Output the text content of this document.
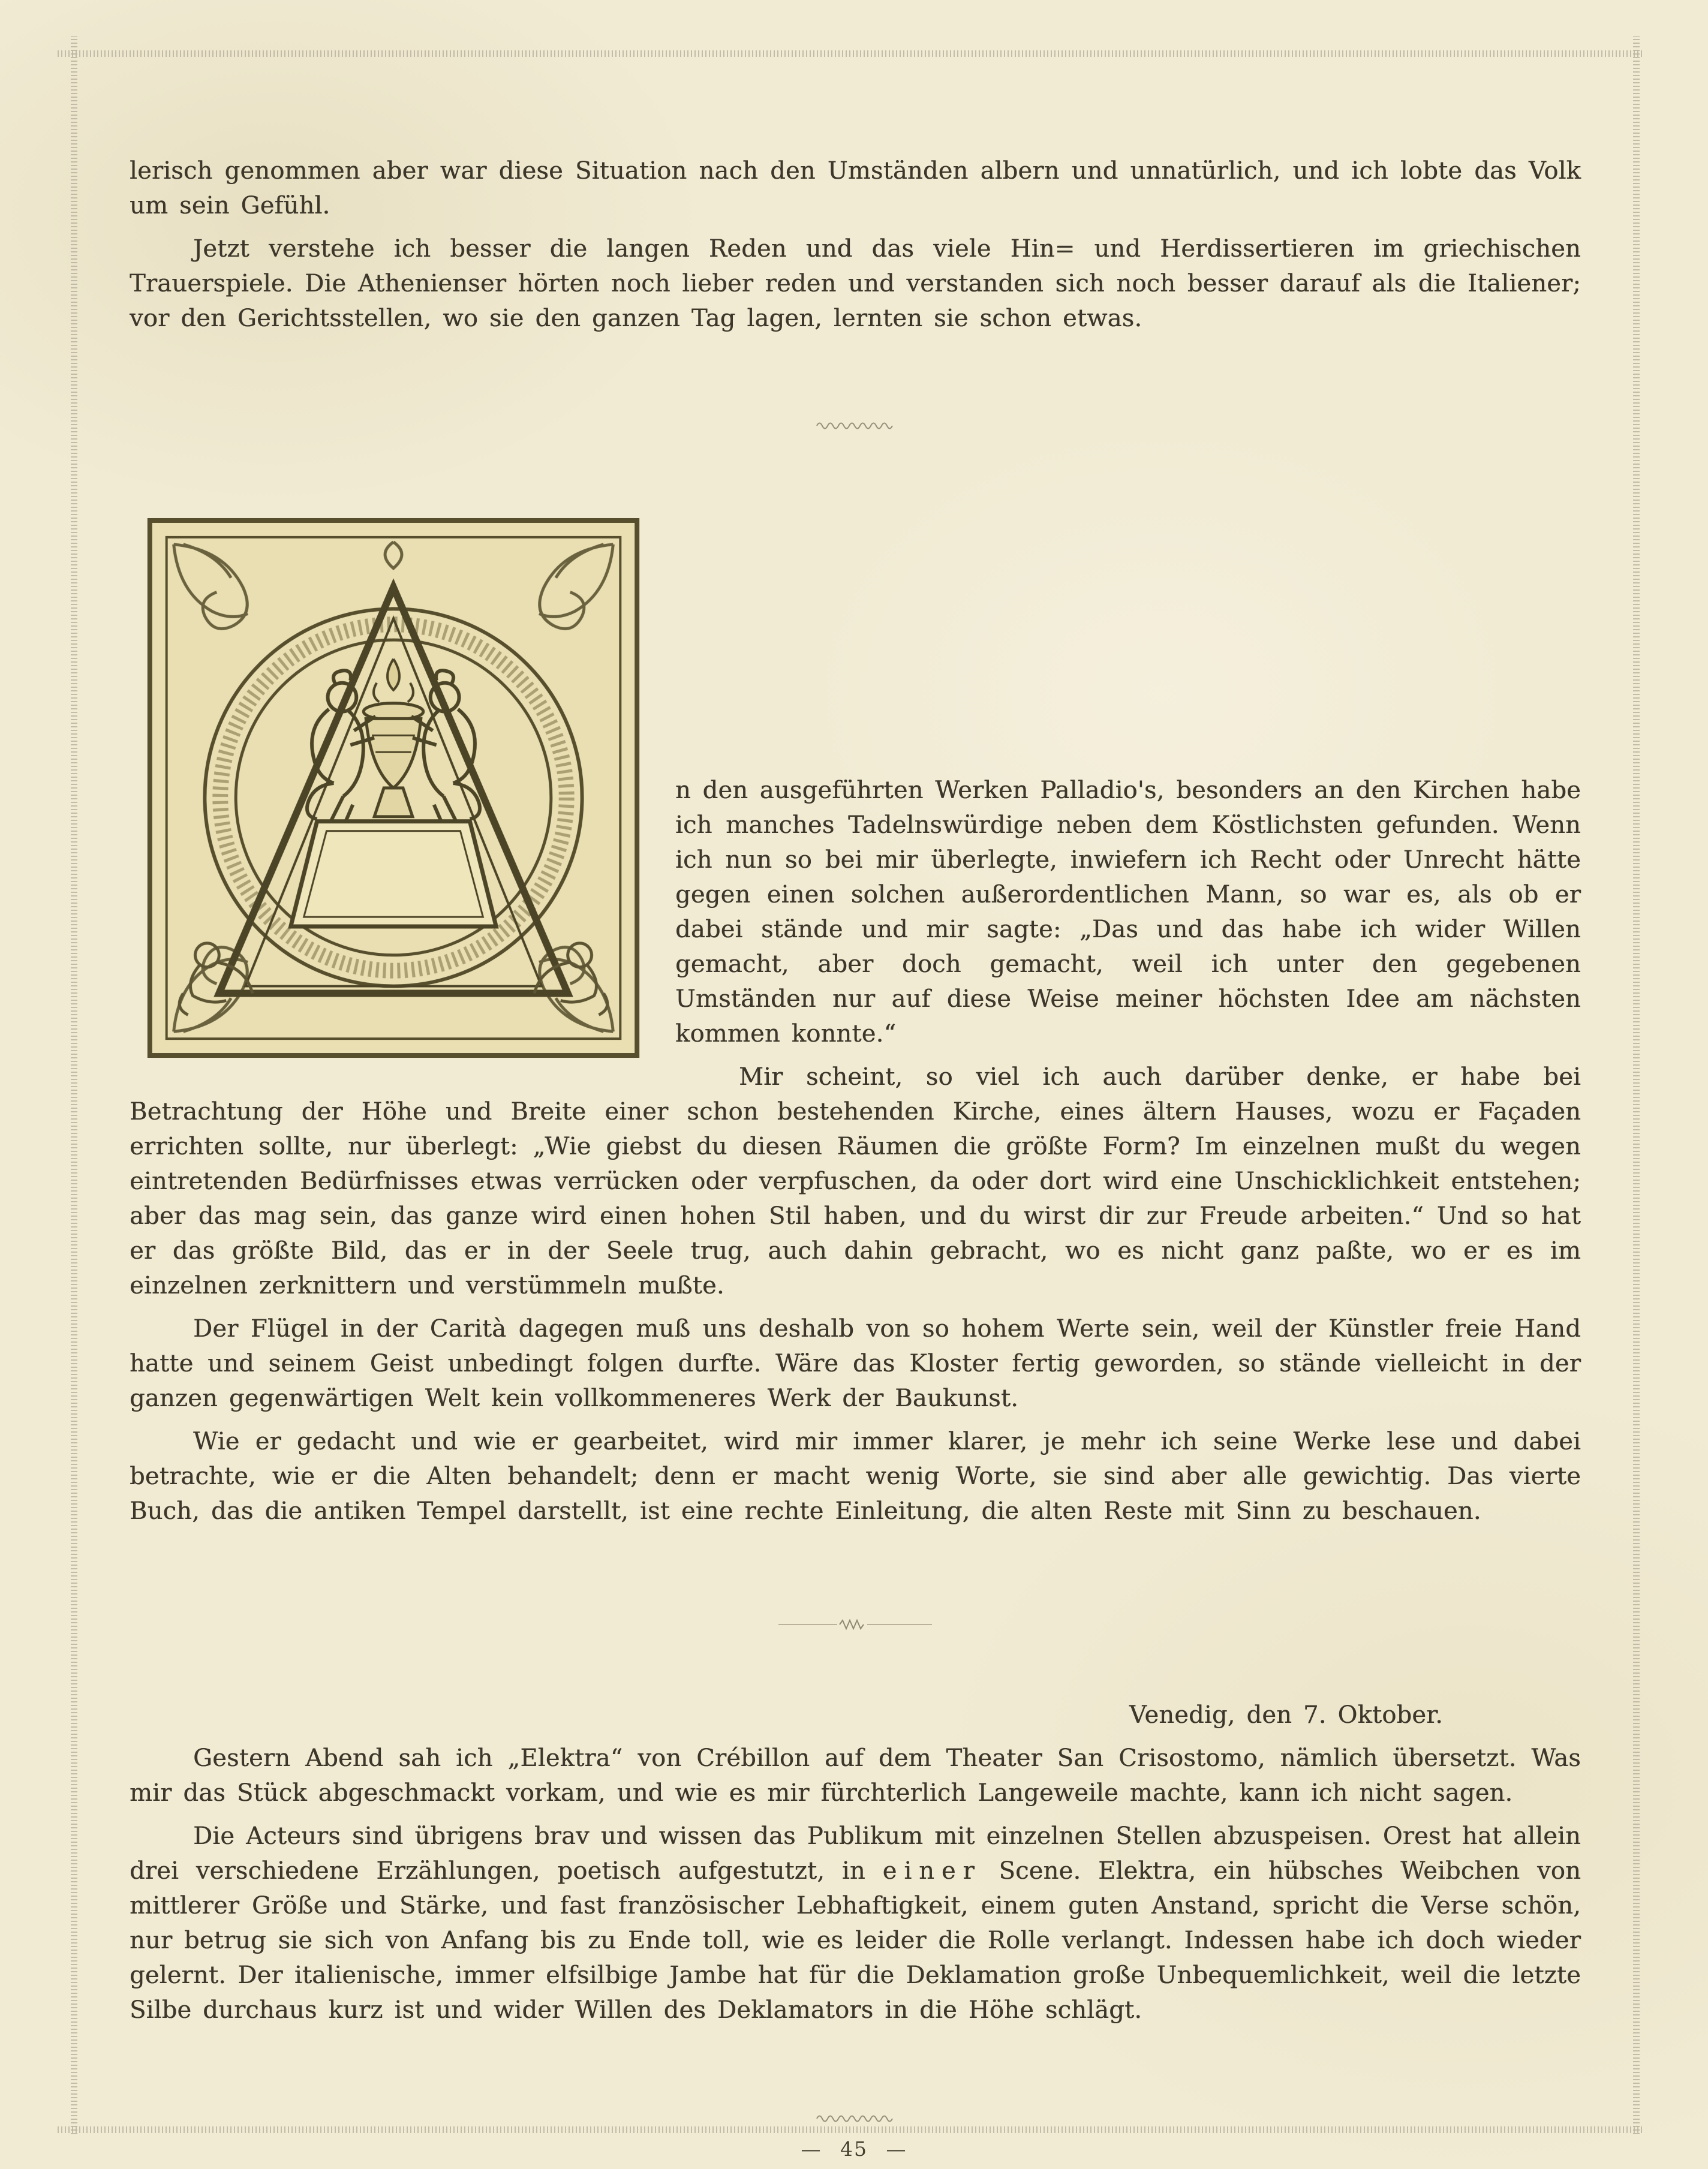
lerisch genommen aber war diese Situation nach den Umständen albern und unnatürlich, und ich lobte das Volk um sein Gefühl.

Jetzt verstehe ich besser die langen Reden und das viele Hin= und Herdissertieren im griechischen Trauerspiele. Die Athenienser hörten noch lieber reden und verstanden sich noch besser darauf als die Italiener; vor den Gerichtsstellen, wo sie den ganzen Tag lagen, lernten sie schon etwas.

n den ausgeführten Werken Palladio's, besonders an den Kirchen habe ich manches Tadelnswürdige neben dem Köstlichsten gefunden. Wenn ich nun so bei mir überlegte, inwiefern ich Recht oder Unrecht hätte gegen einen solchen außerordentlichen Mann, so war es, als ob er dabei stände und mir sagte: „Das und das habe ich wider Willen gemacht, aber doch gemacht, weil ich unter den gegebenen Umständen nur auf diese Weise meiner höchsten Idee am nächsten kommen konnte.“

Mir scheint, so viel ich auch darüber denke, er habe bei Betrachtung der Höhe und Breite einer schon bestehenden Kirche, eines ältern Hauses, wozu er Façaden errichten sollte, nur überlegt: „Wie giebst du diesen Räumen die größte Form? Im einzelnen mußt du wegen eintretenden Bedürfnisses etwas verrücken oder verpfuschen, da oder dort wird eine Unschicklichkeit entstehen; aber das mag sein, das ganze wird einen hohen Stil haben, und du wirst dir zur Freude arbeiten.“ Und so hat er das größte Bild, das er in der Seele trug, auch dahin gebracht, wo es nicht ganz paßte, wo er es im einzelnen zerknittern und verstümmeln mußte.

Der Flügel in der Carità dagegen muß uns deshalb von so hohem Werte sein, weil der Künstler freie Hand hatte und seinem Geist unbedingt folgen durfte. Wäre das Kloster fertig geworden, so stände vielleicht in der ganzen gegenwärtigen Welt kein vollkommeneres Werk der Baukunst.

Wie er gedacht und wie er gearbeitet, wird mir immer klarer, je mehr ich seine Werke lese und dabei betrachte, wie er die Alten behandelt; denn er macht wenig Worte, sie sind aber alle gewichtig. Das vierte Buch, das die antiken Tempel darstellt, ist eine rechte Einleitung, die alten Reste mit Sinn zu beschauen.

Venedig, den 7. Oktober.

Gestern Abend sah ich „Elektra“ von Crébillon auf dem Theater San Crisostomo, nämlich übersetzt. Was mir das Stück abgeschmackt vorkam, und wie es mir fürchterlich Langeweile machte, kann ich nicht sagen.

Die Acteurs sind übrigens brav und wissen das Publikum mit einzelnen Stellen abzuspeisen. Orest hat allein drei verschiedene Erzählungen, poetisch aufgestutzt, in einer Scene. Elektra, ein hübsches Weibchen von mittlerer Größe und Stärke, und fast französischer Lebhaftigkeit, einem guten Anstand, spricht die Verse schön, nur betrug sie sich von Anfang bis zu Ende toll, wie es leider die Rolle verlangt. Indessen habe ich doch wieder gelernt. Der italienische, immer elfsilbige Jambe hat für die Deklamation große Unbequemlichkeit, weil die letzte Silbe durchaus kurz ist und wider Willen des Deklamators in die Höhe schlägt.

— 45 —
